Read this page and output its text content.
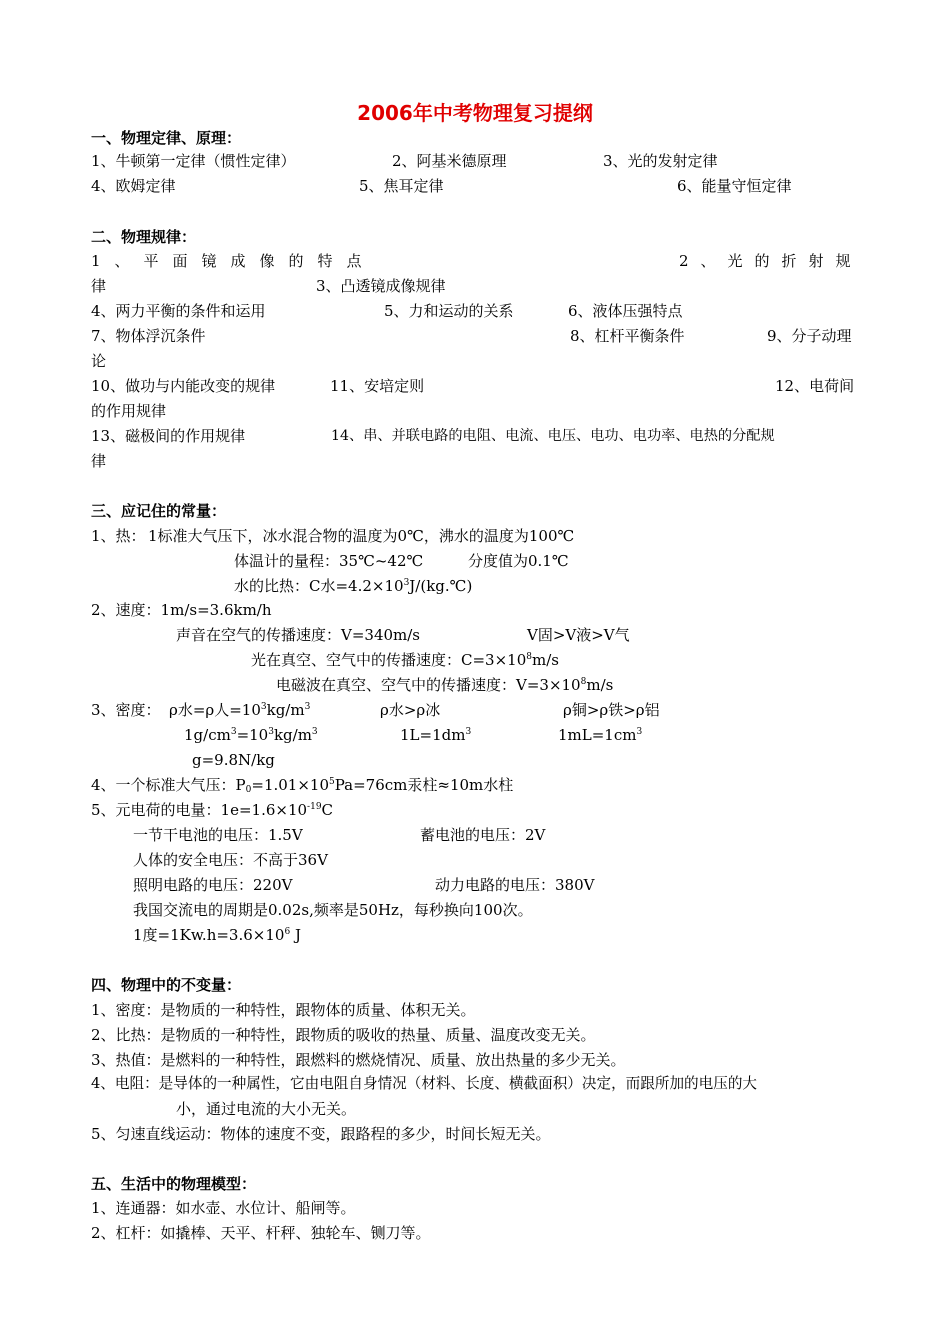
2006年中考物理复习提纲
一、物理定律、原理：
1、牛顿第一定律（惯性定律）	2、阿基米德原理	3、光的发射定律
4、欧姆定律	5、焦耳定律	6、能量守恒定律
二、物理规律：
1、平面镜成像的特点	2、光的折射规
律	3、凸透镜成像规律
4、两力平衡的条件和运用	5、力和运动的关系	6、液体压强特点
7、物体浮沉条件	8、杠杆平衡条件	9、分子动理
论
10、做功与内能改变的规律	11、安培定则	12、电荷间
的作用规律
13、磁极间的作用规律	14、串、并联电路的电阻、电流、电压、电功、电功率、电热的分配规
律
三、应记住的常量：
1、热： 1标准大气压下，冰水混合物的温度为0℃，沸水的温度为100℃
体温计的量程：35℃~42℃	分度值为0.1℃
水的比热：C水$=4.2\times 10^3J/(kg.℃)$
2、速度：1m/s=3.6km/h
声音在空气的传播速度：V=340m/s	V固>V液>V气
光在真空、空气中的传播速度：$C=3\times 10^8m/s$
电磁波在真空、空气中的传播速度：$V=3\times 10^8m/s$
3、密度： ρ水=ρ人$=10^3kg/m^3$	ρ水>ρ冰	ρ铜>ρ铁>ρ铝
$1g/cm^3=10^3kg/m^3$	$1L=1dm^3$	$1mL=1cm^3$
g=9.8N/kg
4、一个标准大气压：$P_0=1.01\times 10^5Pa=76cm$汞柱≈10m水柱
5、元电荷的电量：$1e=1.6\times 10^{-19}C$
一节干电池的电压：1.5V	蓄电池的电压：2V
人体的安全电压：不高于36V
照明电路的电压：220V	动力电路的电压：380V
我国交流电的周期是0.02s,频率是50Hz，每秒换向100次。
1度$=1Kw.h=3.6\times 10^6$ J
四、物理中的不变量：
1、密度：是物质的一种特性，跟物体的质量、体积无关。
2、比热：是物质的一种特性，跟物质的吸收的热量、质量、温度改变无关。
3、热值：是燃料的一种特性，跟燃料的燃烧情况、质量、放出热量的多少无关。
4、电阻：是导体的一种属性，它由电阻自身情况（材料、长度、横截面积）决定，而跟所加的电压的大
小，通过电流的大小无关。
5、匀速直线运动：物体的速度不变，跟路程的多少，时间长短无关。
五、生活中的物理模型：
1、连通器：如水壶、水位计、船闸等。
2、杠杆：如撬棒、天平、杆秤、独轮车、铡刀等。
